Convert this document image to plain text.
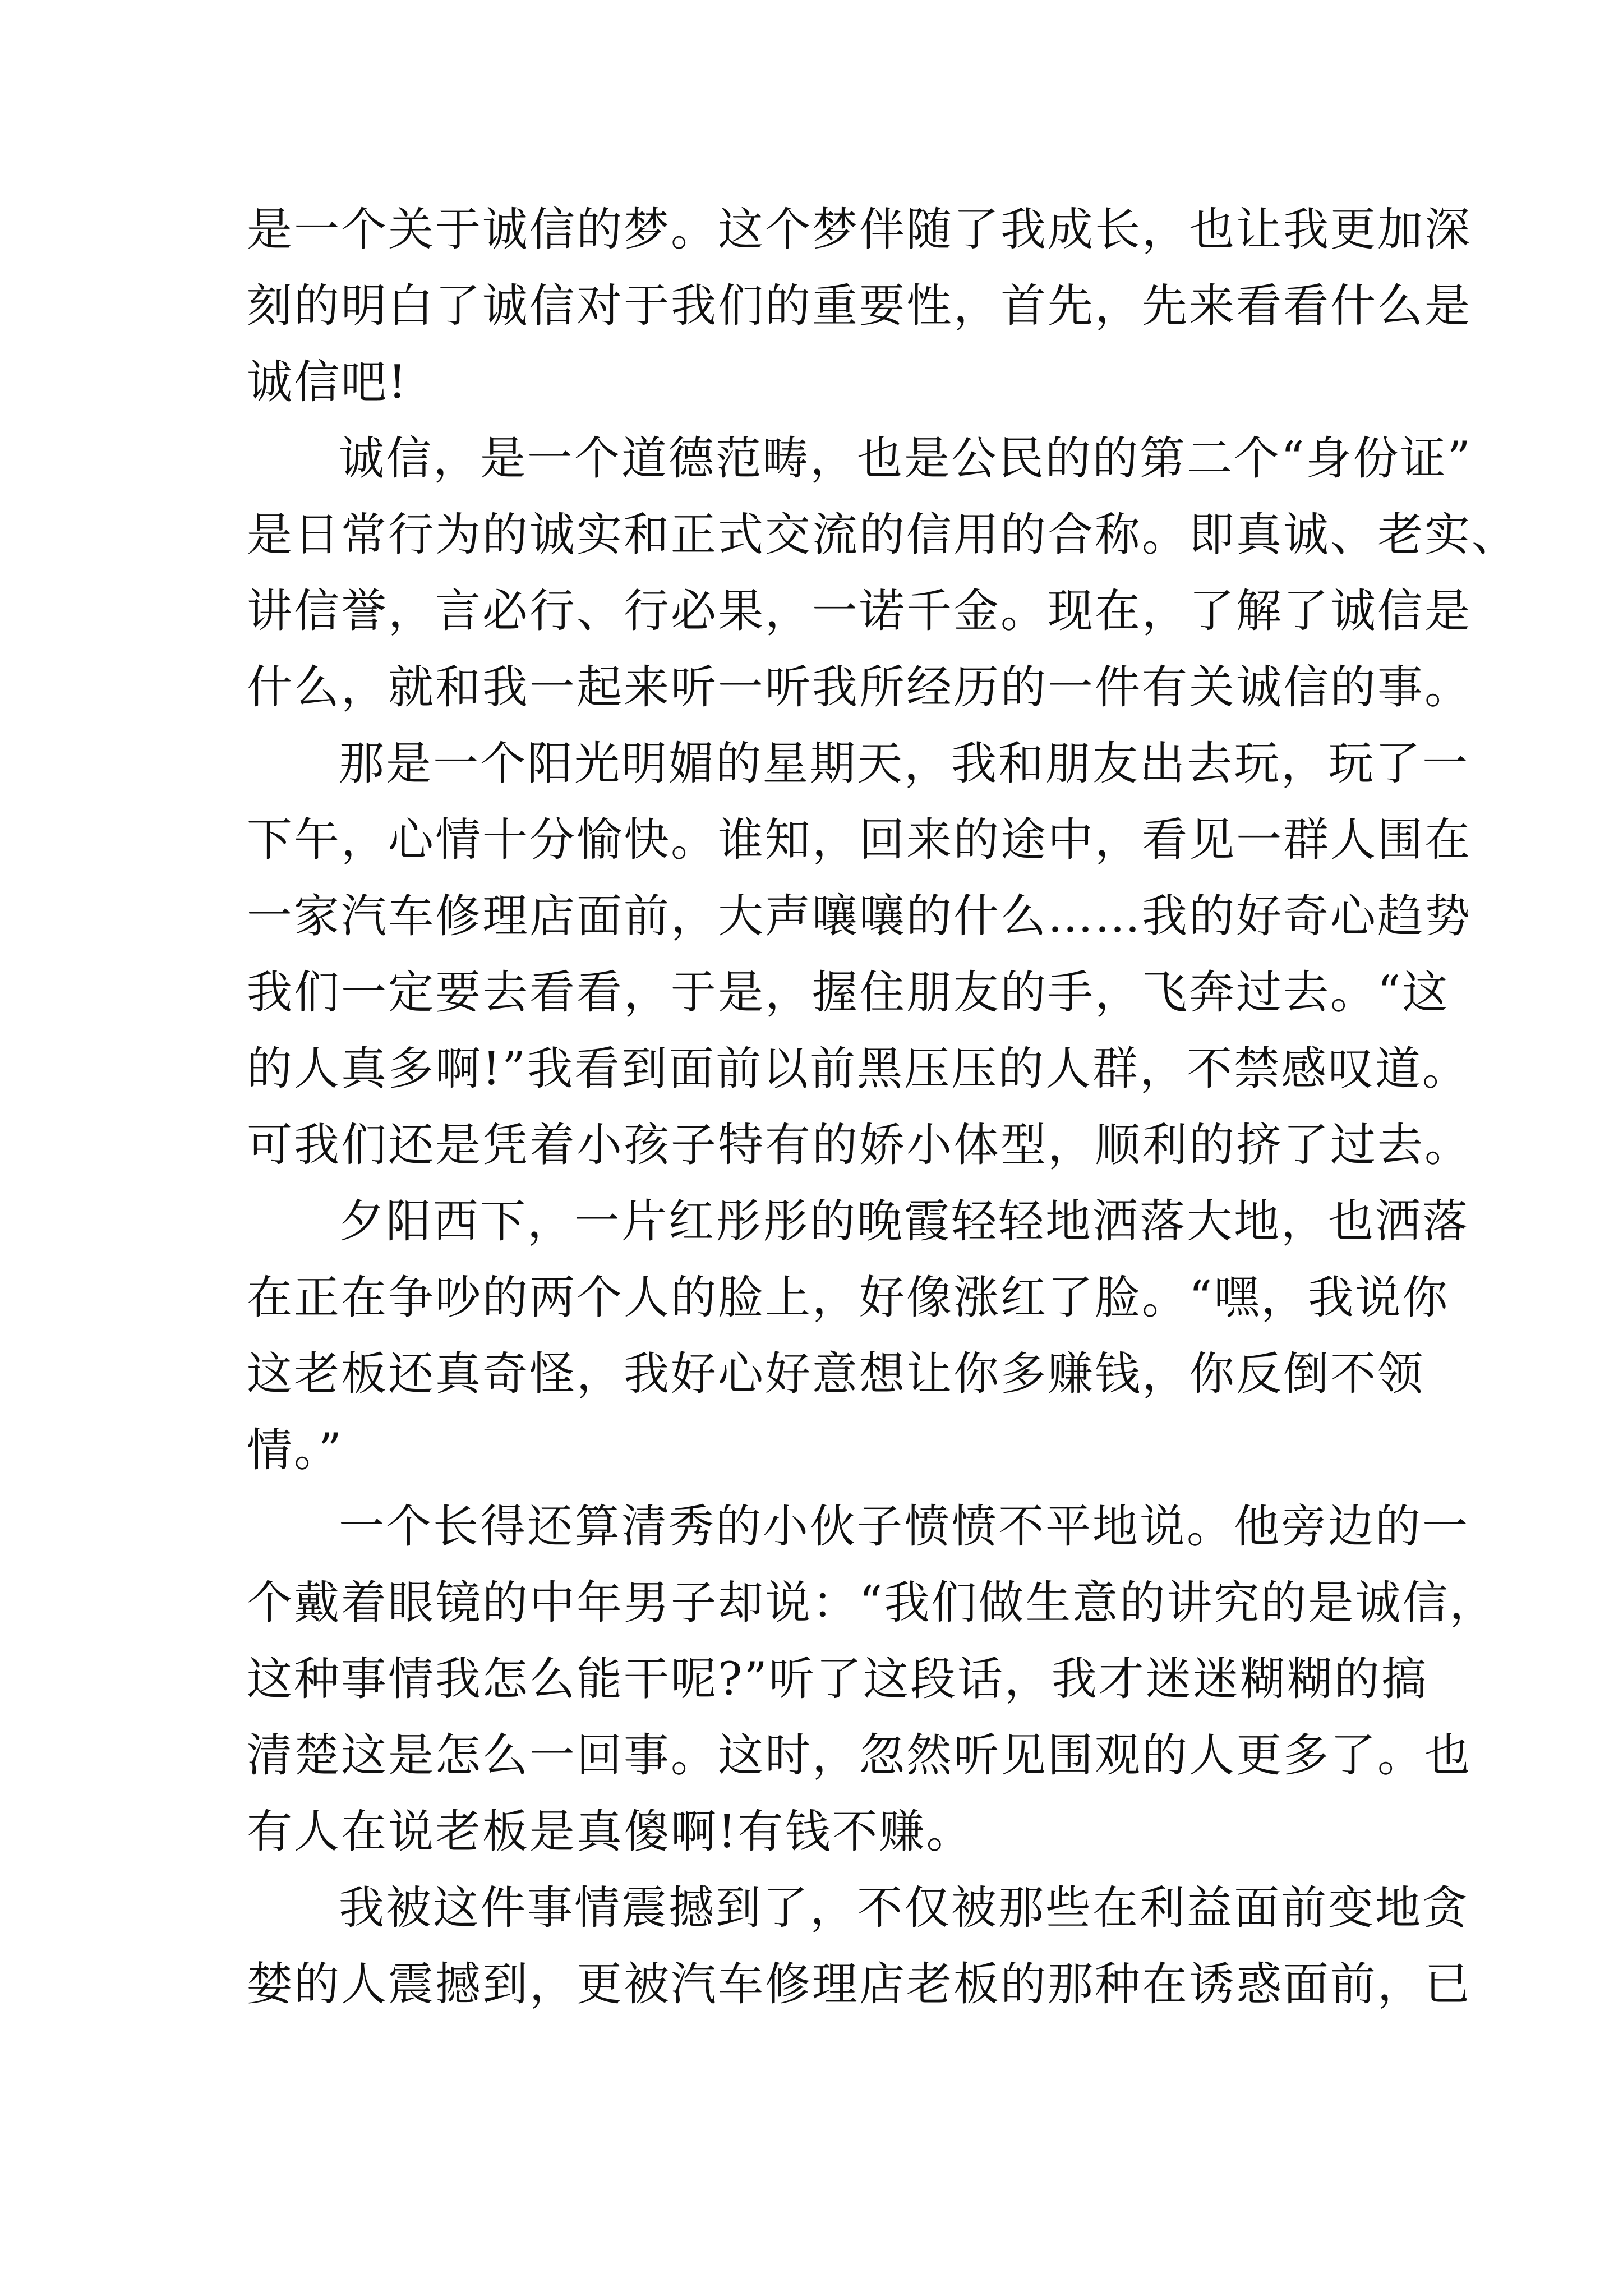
是一个关于诚信的梦。这个梦伴随了我成长，也让我更加深
刻的明白了诚信对于我们的重要性，首先，先来看看什么是
诚信吧!
诚信，是一个道德范畴，也是公民的的第二个“身份证”
是日常行为的诚实和正式交流的信用的合称。即真诚、老实、
讲信誉，言必行、行必果，一诺千金。现在，了解了诚信是
什么，就和我一起来听一听我所经历的一件有关诚信的事。
那是一个阳光明媚的星期天，我和朋友出去玩，玩了一
下午，心情十分愉快。谁知，回来的途中，看见一群人围在
一家汽车修理店面前，大声嚷嚷的什么……我的好奇心趋势
我们一定要去看看，于是，握住朋友的手，飞奔过去。“这
的人真多啊!”我看到面前以前黑压压的人群，不禁感叹道。
可我们还是凭着小孩子特有的娇小体型，顺利的挤了过去。
夕阳西下，一片红彤彤的晚霞轻轻地洒落大地，也洒落
在正在争吵的两个人的脸上，好像涨红了脸。“嘿，我说你
这老板还真奇怪，我好心好意想让你多赚钱，你反倒不领
情。”
一个长得还算清秀的小伙子愤愤不平地说。他旁边的一
个戴着眼镜的中年男子却说：“我们做生意的讲究的是诚信，
这种事情我怎么能干呢?”听了这段话，我才迷迷糊糊的搞
清楚这是怎么一回事。这时，忽然听见围观的人更多了。也
有人在说老板是真傻啊!有钱不赚。
我被这件事情震撼到了，不仅被那些在利益面前变地贪
婪的人震撼到，更被汽车修理店老板的那种在诱惑面前，已
